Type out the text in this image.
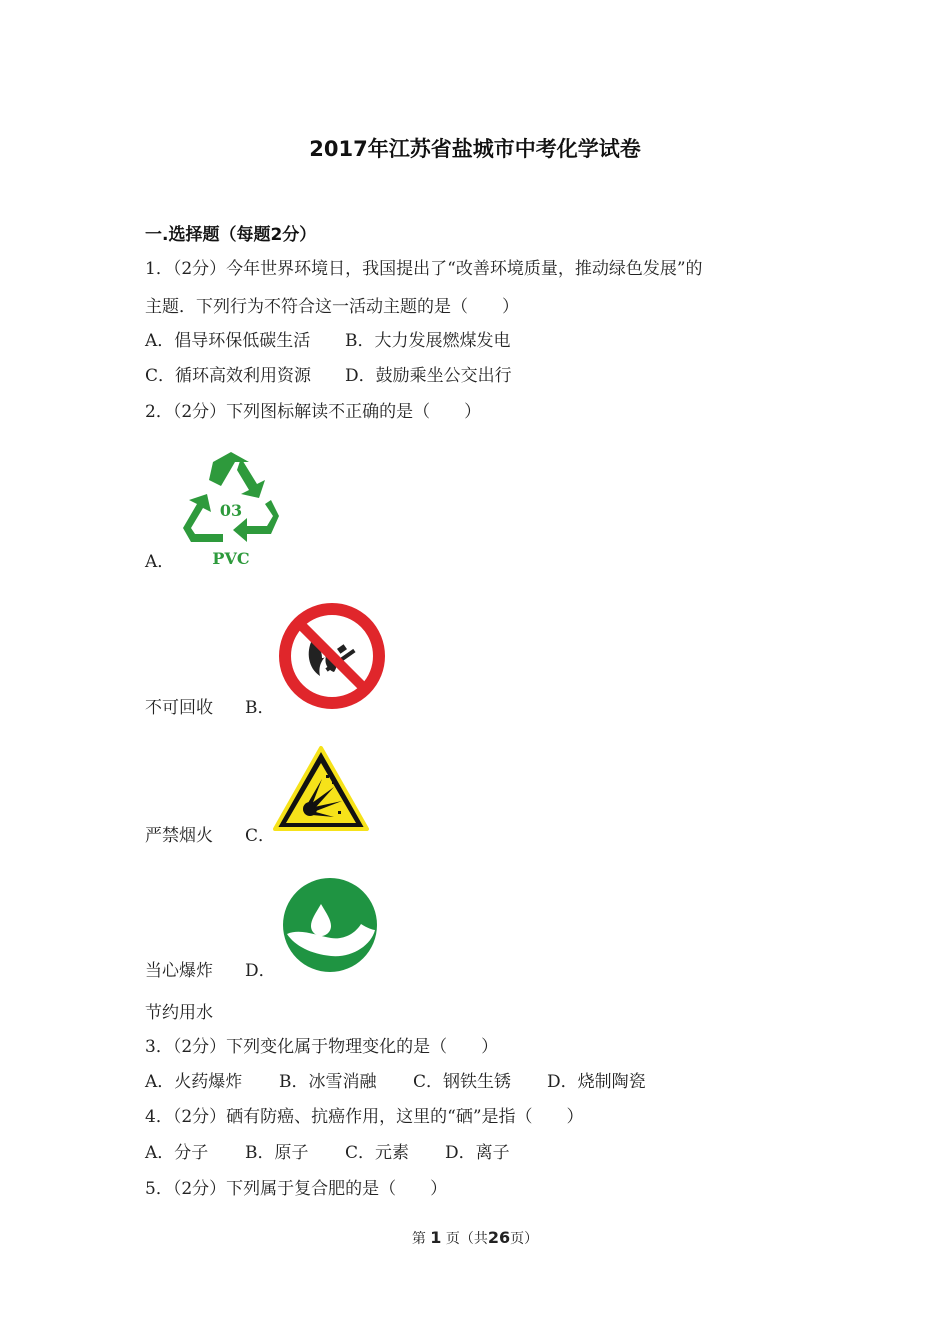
2017年江苏省盐城市中考化学试卷
一.选择题（每题2分）
1．（2分）今年世界环境日，我国提出了“改善环境质量，推动绿色发展”的
主题．下列行为不符合这一活动主题的是（　　）
A．倡导环保低碳生活 B．大力发展燃煤发电
C．循环高效利用资源 D．鼓励乘坐公交出行
2．（2分）下列图标解读不正确的是（　　）
03
PVC
A．
不可回收 B．
严禁烟火 C．
当心爆炸 D．
节约用水
3．（2分）下列变化属于物理变化的是（　　）
A．火药爆炸 B．冰雪消融 C．钢铁生锈 D．烧制陶瓷
4．（2分）硒有防癌、抗癌作用，这里的“硒”是指（　　）
A．分子 B．原子 C．元素 D．离子
5．（2分）下列属于复合肥的是（　　）
第 1 页（共26页）
